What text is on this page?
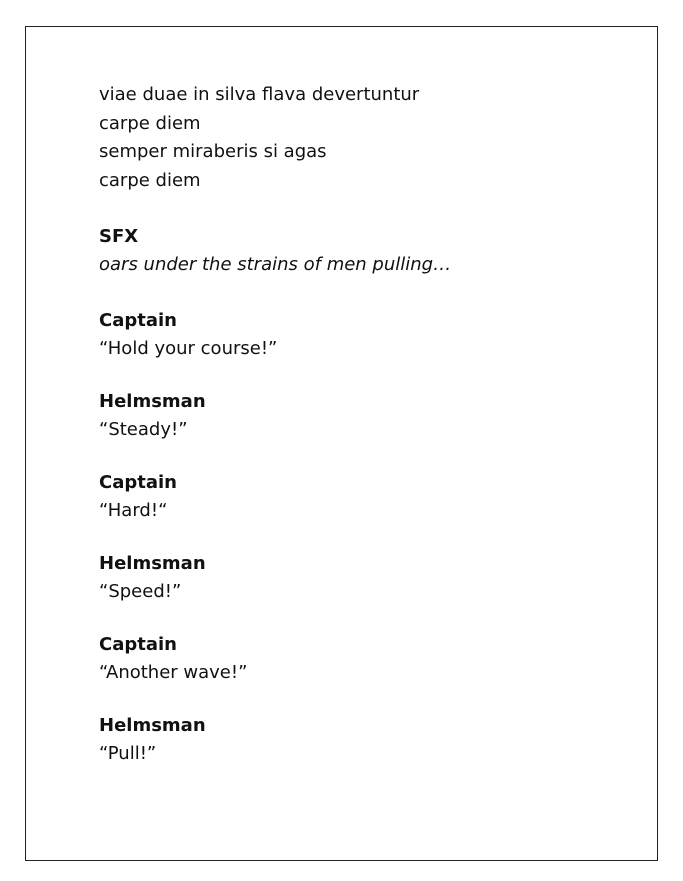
viae duae in silva flava devertuntur

carpe diem

semper miraberis si agas

carpe diem

SFX

oars under the strains of men pulling…

Captain

“Hold your course!”

Helmsman

“Steady!”

Captain

“Hard!“

Helmsman

“Speed!”

Captain

“Another wave!”

Helmsman

“Pull!”
